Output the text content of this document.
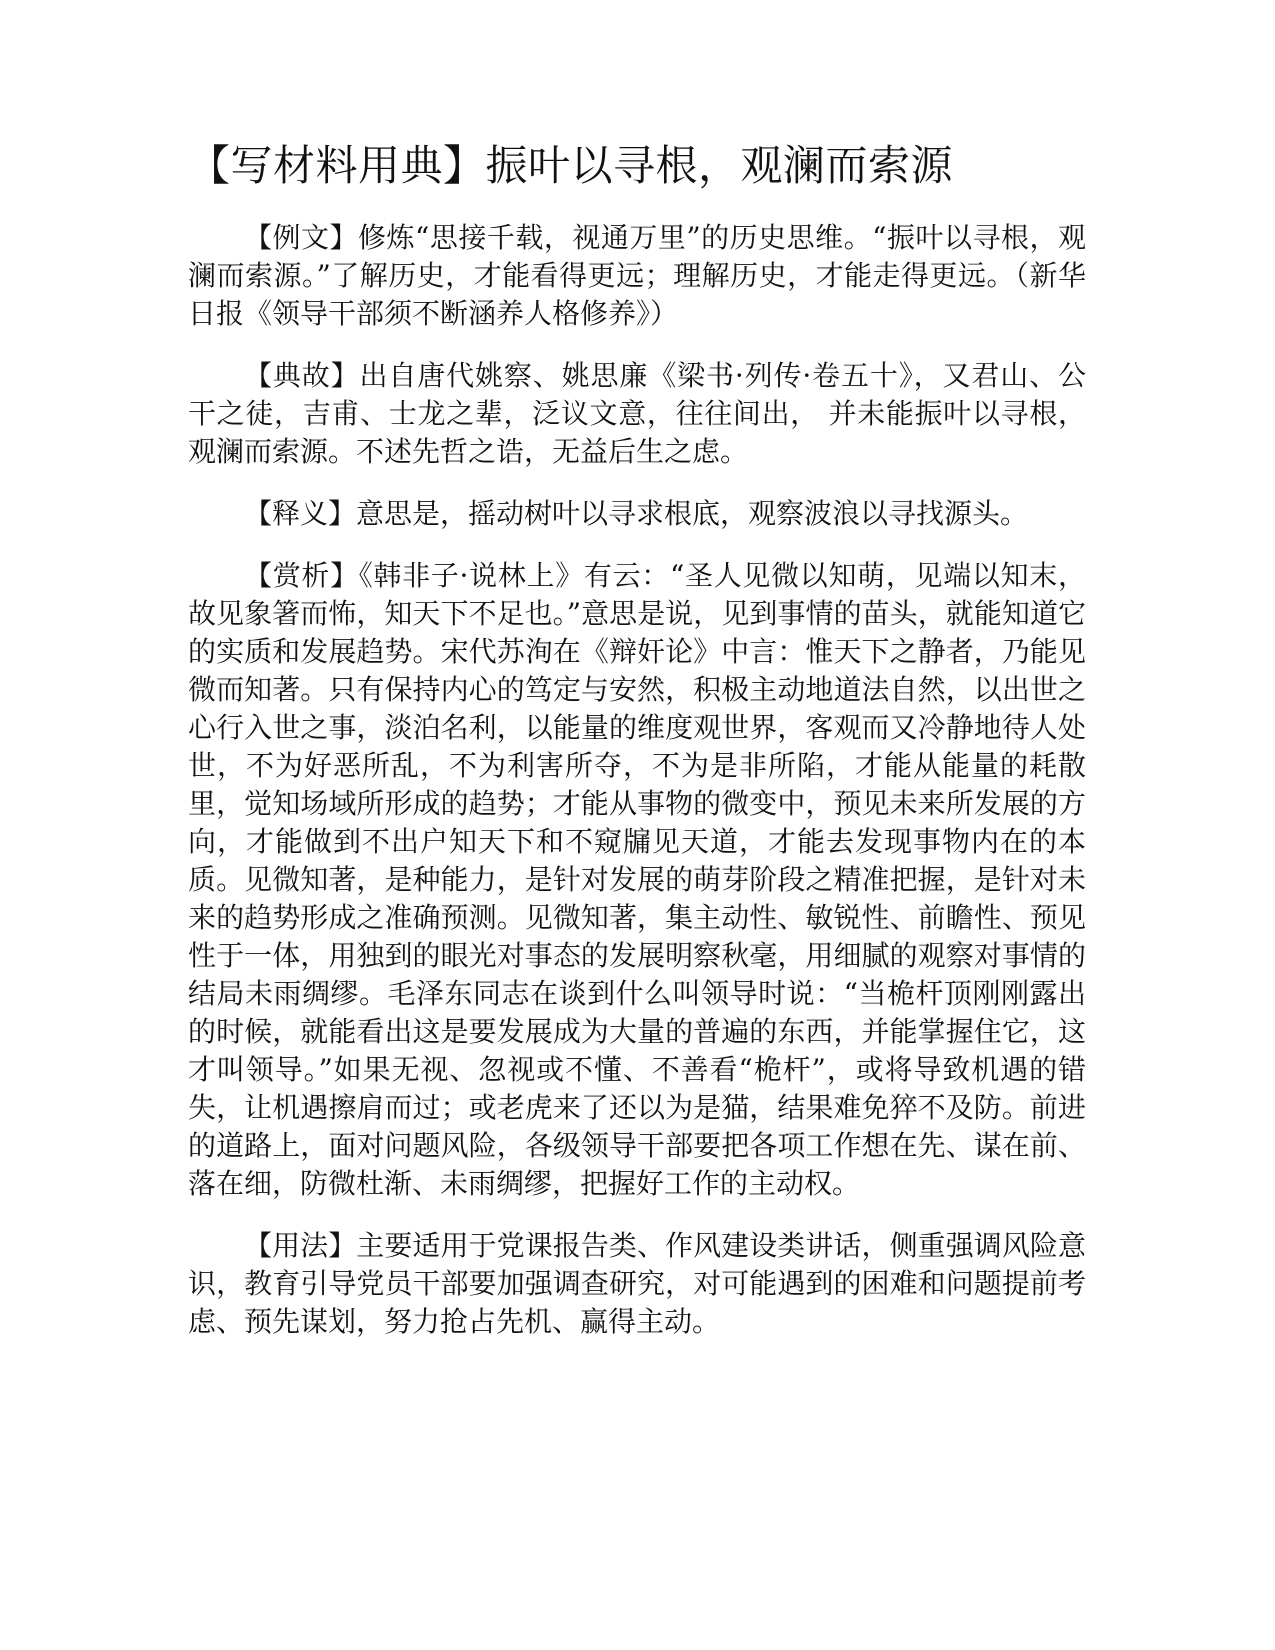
【写材料用典】振叶以寻根，观澜而索源

【例文】修炼“思接千载，视通万里”的历史思维。“振叶以寻根，观澜而索源。”了解历史，才能看得更远；理解历史，才能走得更远。（新华日报《领导干部须不断涵养人格修养》）

【典故】出自唐代姚察、姚思廉《梁书·列传·卷五十》，又君山、公干之徒，吉甫、士龙之辈，泛议文意，往往间出， 并未能振叶以寻根，观澜而索源。不述先哲之诰，无益后生之虑。

【释义】意思是，摇动树叶以寻求根底，观察波浪以寻找源头。

【赏析】《韩非子·说林上》有云：“圣人见微以知萌，见端以知末，故见象箸而怖，知天下不足也。”意思是说，见到事情的苗头，就能知道它的实质和发展趋势。宋代苏洵在《辩奸论》中言：惟天下之静者，乃能见微而知著。只有保持内心的笃定与安然，积极主动地道法自然，以出世之心行入世之事，淡泊名利，以能量的维度观世界，客观而又冷静地待人处世，不为好恶所乱，不为利害所夺，不为是非所陷，才能从能量的耗散里，觉知场域所形成的趋势；才能从事物的微变中，预见未来所发展的方向，才能做到不出户知天下和不窥牖见天道，才能去发现事物内在的本质。见微知著，是种能力，是针对发展的萌芽阶段之精准把握，是针对未来的趋势形成之准确预测。见微知著，集主动性、敏锐性、前瞻性、预见性于一体，用独到的眼光对事态的发展明察秋毫，用细腻的观察对事情的结局未雨绸缪。毛泽东同志在谈到什么叫领导时说：“当桅杆顶刚刚露出的时候，就能看出这是要发展成为大量的普遍的东西，并能掌握住它，这才叫领导。”如果无视、忽视或不懂、不善看“桅杆”，或将导致机遇的错失，让机遇擦肩而过；或老虎来了还以为是猫，结果难免猝不及防。前进的道路上，面对问题风险，各级领导干部要把各项工作想在先、谋在前、落在细，防微杜渐、未雨绸缪，把握好工作的主动权。

【用法】主要适用于党课报告类、作风建设类讲话，侧重强调风险意识，教育引导党员干部要加强调查研究，对可能遇到的困难和问题提前考虑、预先谋划，努力抢占先机、赢得主动。
